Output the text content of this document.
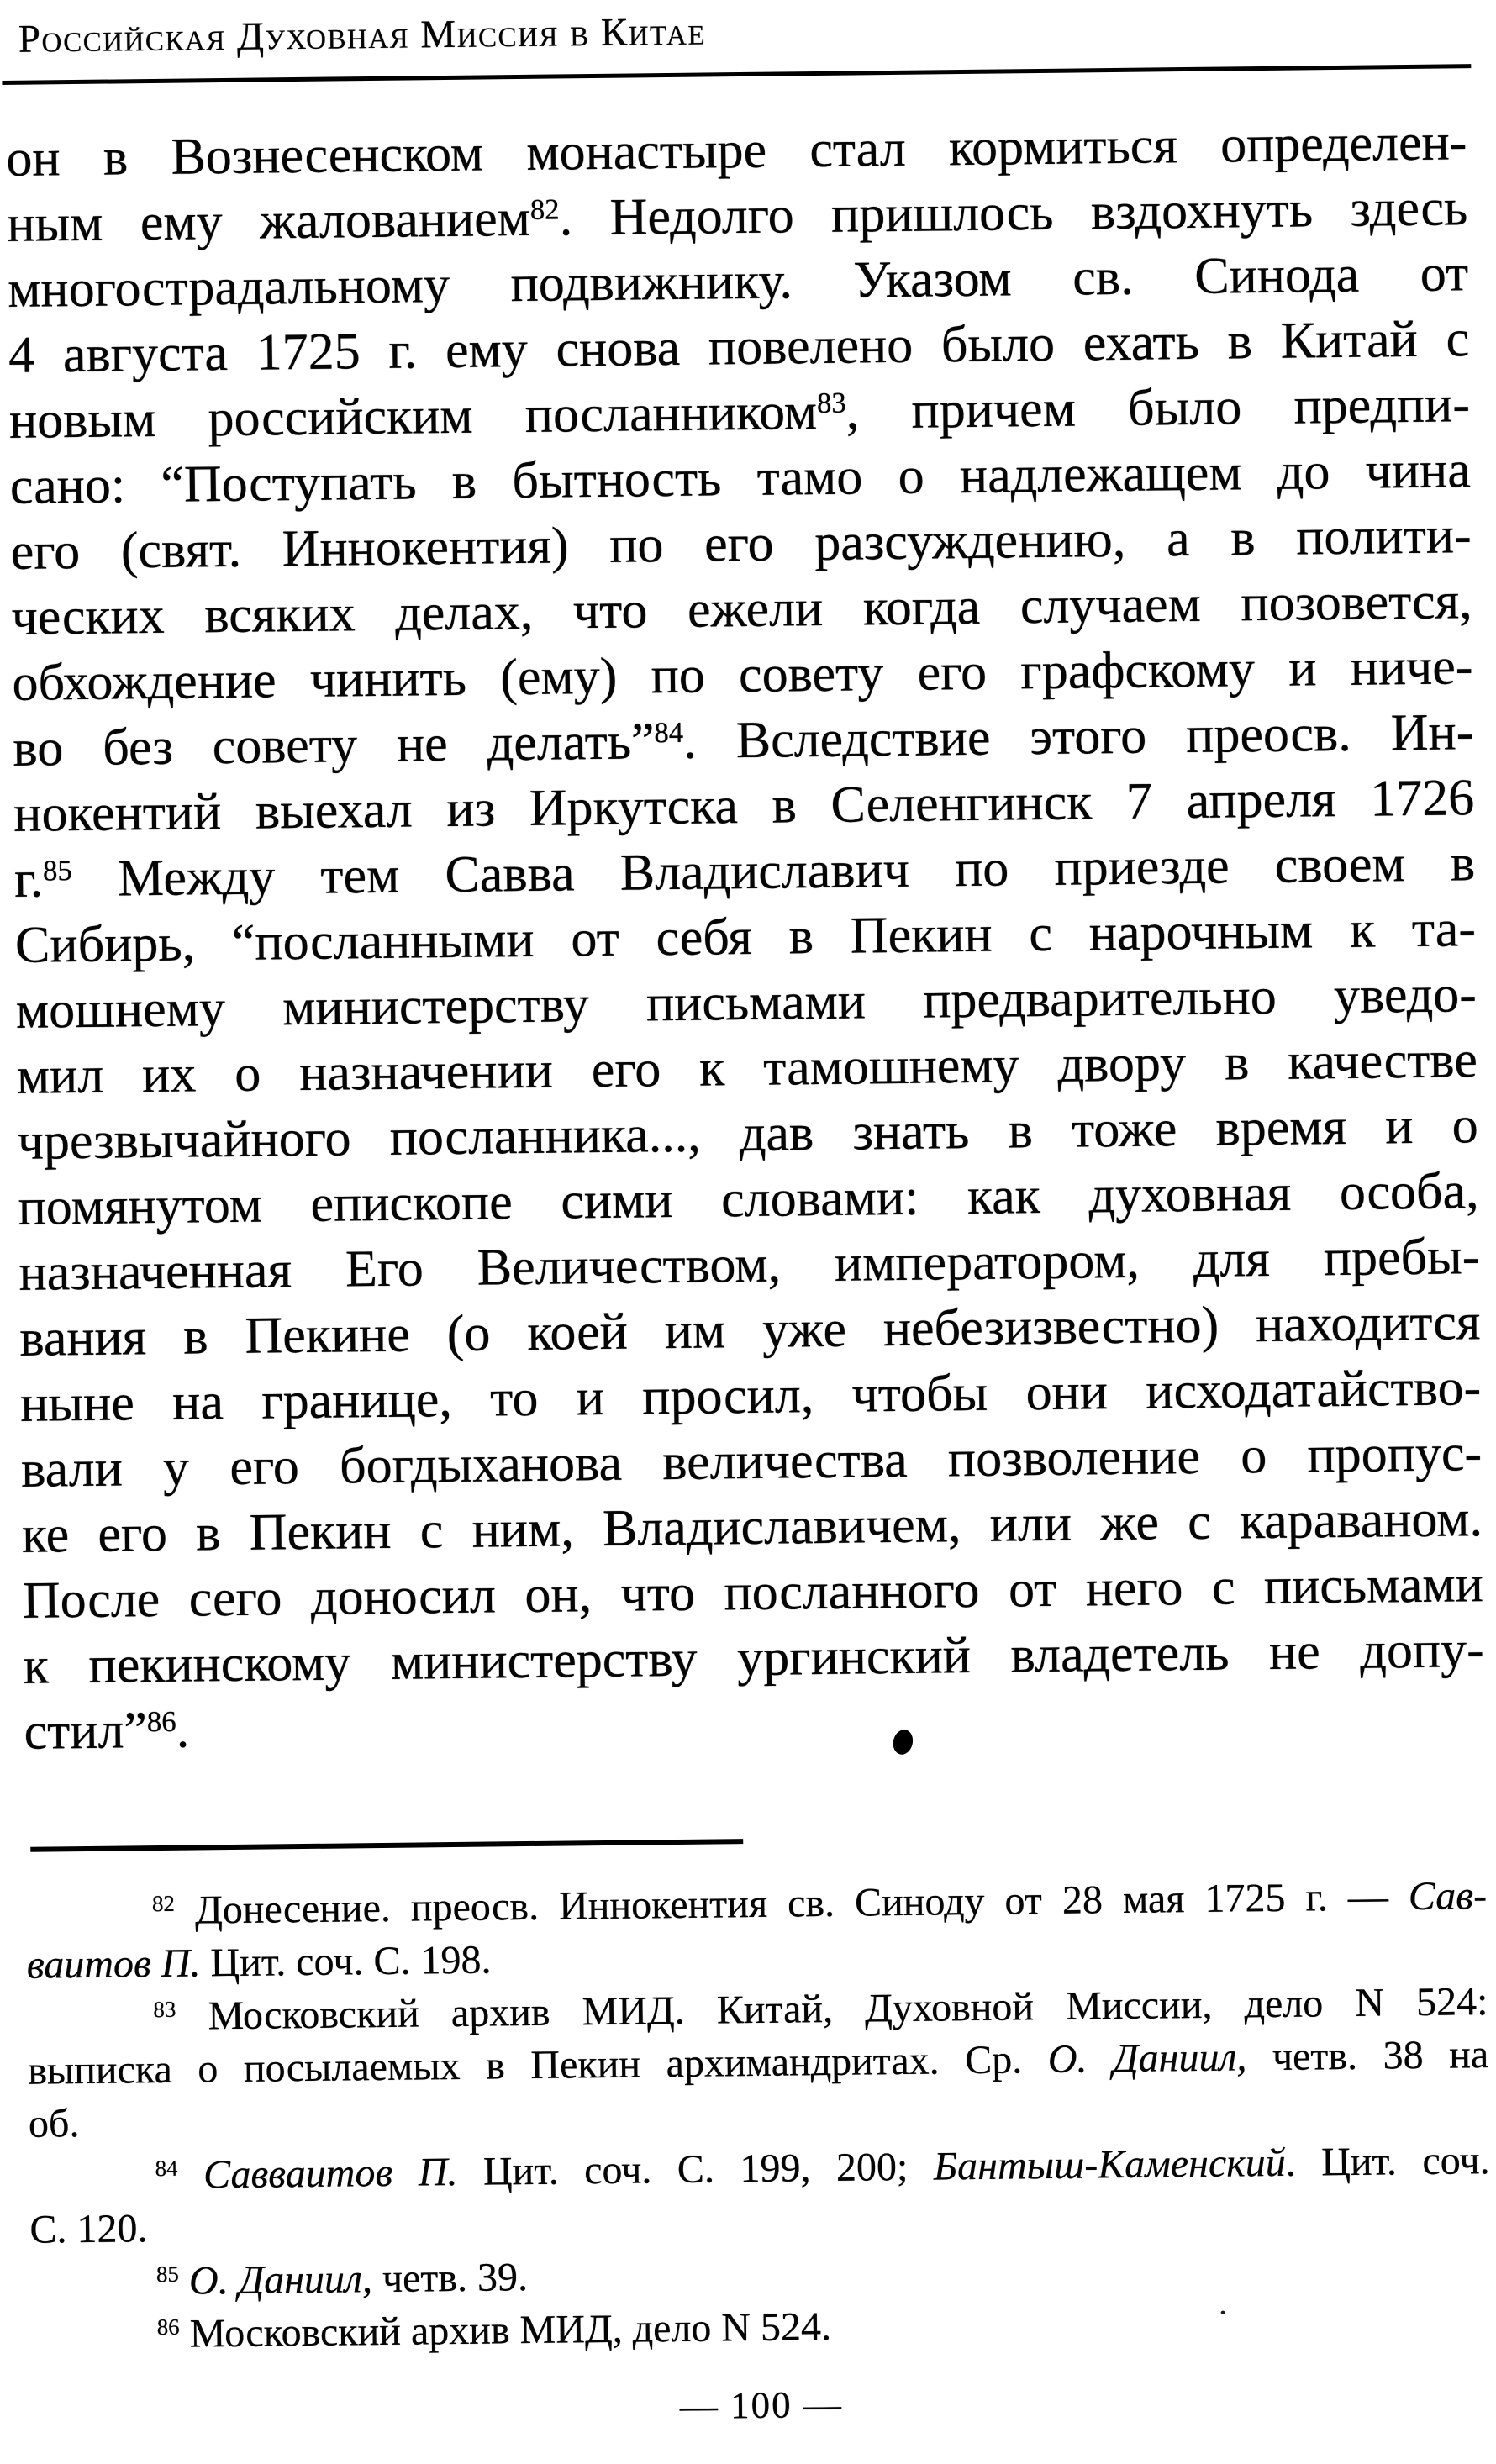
Российская Духовная Миссия в Китае
он в Вознесенском монастыре стал кормиться определен-
ным ему жалованием$^{82}$. Недолго пришлось вздохнуть здесь
многострадальному подвижнику. Указом св. Синода от
4 августа 1725 г. ему снова повелено было ехать в Китай с
новым российским посланником$^{83}$, причем было предпи-
сано: “Поступать в бытность тамо о надлежащем до чина
его (свят. Иннокентия) по его разсуждению, а в полити-
ческих всяких делах, что ежели когда случаем позовется,
обхождение чинить (ему) по совету его графскому и ниче-
во без совету не делать”$^{84}$. Вследствие этого преосв. Ин-
нокентий выехал из Иркутска в Селенгинск 7 апреля 1726
г.$^{85}$ Между тем Савва Владиславич по приезде своем в
Сибирь, “посланными от себя в Пекин с нарочным к та-
мошнему министерству письмами предварительно уведо-
мил их о назначении его к тамошнему двору в качестве
чрезвычайного посланника..., дав знать в тоже время и о
помянутом епископе сими словами: как духовная особа,
назначенная Его Величеством, императором, для пребы-
вания в Пекине (о коей им уже небезизвестно) находится
ныне на границе, то и просил, чтобы они исходатайство-
вали у его богдыханова величества позволение о пропус-
ке его в Пекин с ним, Владиславичем, или же с караваном.
После сего доносил он, что посланного от него с письмами
к пекинскому министерству ургинский владетель не допу-
стил”$^{86}$.
$^{82}$ Донесение. преосв. Иннокентия св. Синоду от 28 мая 1725 г. — Сав-
ваитов П. Цит. соч. С. 198.
$^{83}$ Московский архив МИД. Китай, Духовной Миссии, дело N 524:
выписка о посылаемых в Пекин архимандритах. Ср. О. Даниил, четв. 38 на
об.
$^{84}$ Савваитов П. Цит. соч. С. 199, 200; Бантыш-Каменский. Цит. соч.
С. 120.
$^{85}$ О. Даниил, четв. 39.
$^{86}$ Московский архив МИД, дело N 524.
— 100 —
